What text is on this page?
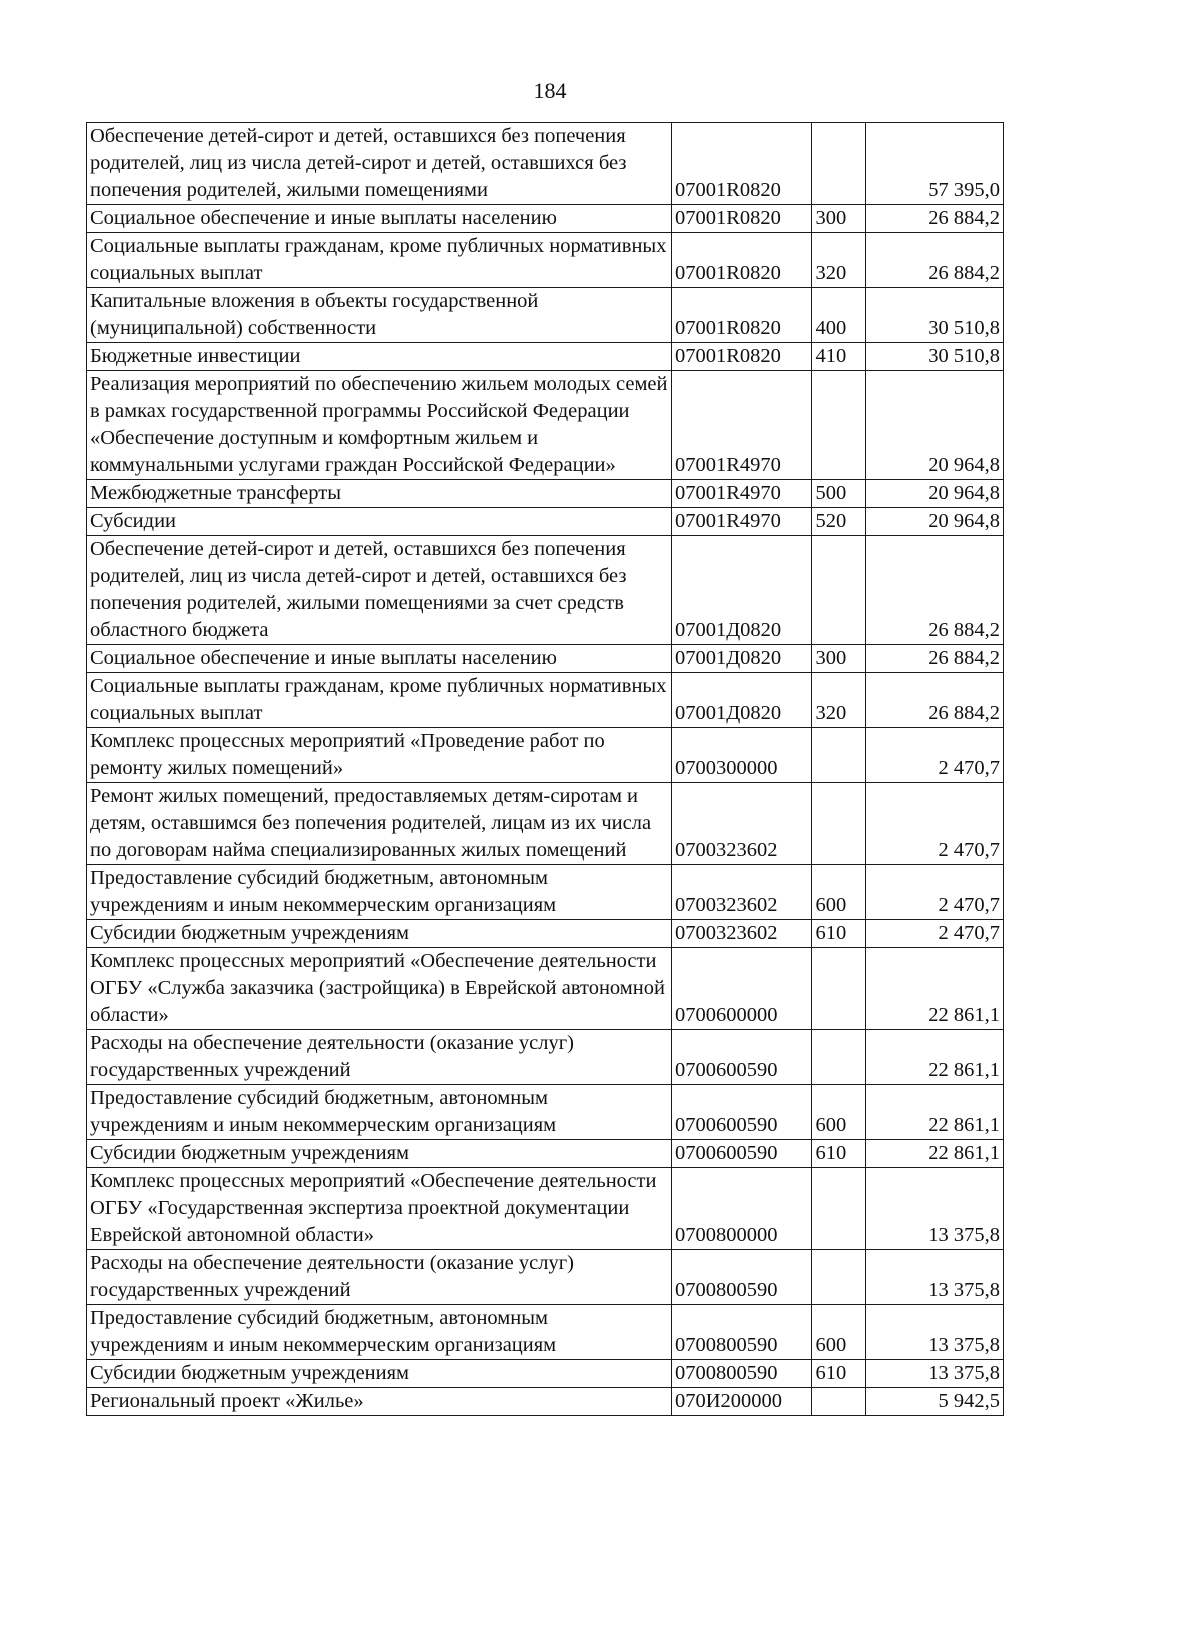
184
Обеспечение детей-сирот и детей, оставшихся без попечения родителей, лиц из числа детей-сирот и детей, оставшихся без попечения родителей, жилыми помещениями	07001R0820		57 395,0
Социальное обеспечение и иные выплаты населению	07001R0820	300	26 884,2
Социальные выплаты гражданам, кроме публичных нормативных социальных выплат	07001R0820	320	26 884,2
Капитальные вложения в объекты государственной (муниципальной) собственности	07001R0820	400	30 510,8
Бюджетные инвестиции	07001R0820	410	30 510,8
Реализация мероприятий по обеспечению жильем молодых семей в рамках государственной программы Российской Федерации «Обеспечение доступным и комфортным жильем и коммунальными услугами граждан Российской Федерации»	07001R4970		20 964,8
Межбюджетные трансферты	07001R4970	500	20 964,8
Субсидии	07001R4970	520	20 964,8
Обеспечение детей-сирот и детей, оставшихся без попечения родителей, лиц из числа детей-сирот и детей, оставшихся без попечения родителей, жилыми помещениями за счет средств областного бюджета	07001Д0820		26 884,2
Социальное обеспечение и иные выплаты населению	07001Д0820	300	26 884,2
Социальные выплаты гражданам, кроме публичных нормативных социальных выплат	07001Д0820	320	26 884,2
Комплекс процессных мероприятий «Проведение работ по ремонту жилых помещений»	0700300000		2 470,7
Ремонт жилых помещений, предоставляемых детям-сиротам и детям, оставшимся без попечения родителей, лицам из их числа по договорам найма специализированных жилых помещений	0700323602		2 470,7
Предоставление субсидий бюджетным, автономным учреждениям и иным некоммерческим организациям	0700323602	600	2 470,7
Субсидии бюджетным учреждениям	0700323602	610	2 470,7
Комплекс процессных мероприятий «Обеспечение деятельности ОГБУ «Служба заказчика (застройщика) в Еврейской автономной области»	0700600000		22 861,1
Расходы на обеспечение деятельности (оказание услуг) государственных учреждений	0700600590		22 861,1
Предоставление субсидий бюджетным, автономным учреждениям и иным некоммерческим организациям	0700600590	600	22 861,1
Субсидии бюджетным учреждениям	0700600590	610	22 861,1
Комплекс процессных мероприятий «Обеспечение деятельности ОГБУ «Государственная экспертиза проектной документации Еврейской автономной области»	0700800000		13 375,8
Расходы на обеспечение деятельности (оказание услуг) государственных учреждений	0700800590		13 375,8
Предоставление субсидий бюджетным, автономным учреждениям и иным некоммерческим организациям	0700800590	600	13 375,8
Субсидии бюджетным учреждениям	0700800590	610	13 375,8
Региональный проект «Жилье»	070И200000		5 942,5
